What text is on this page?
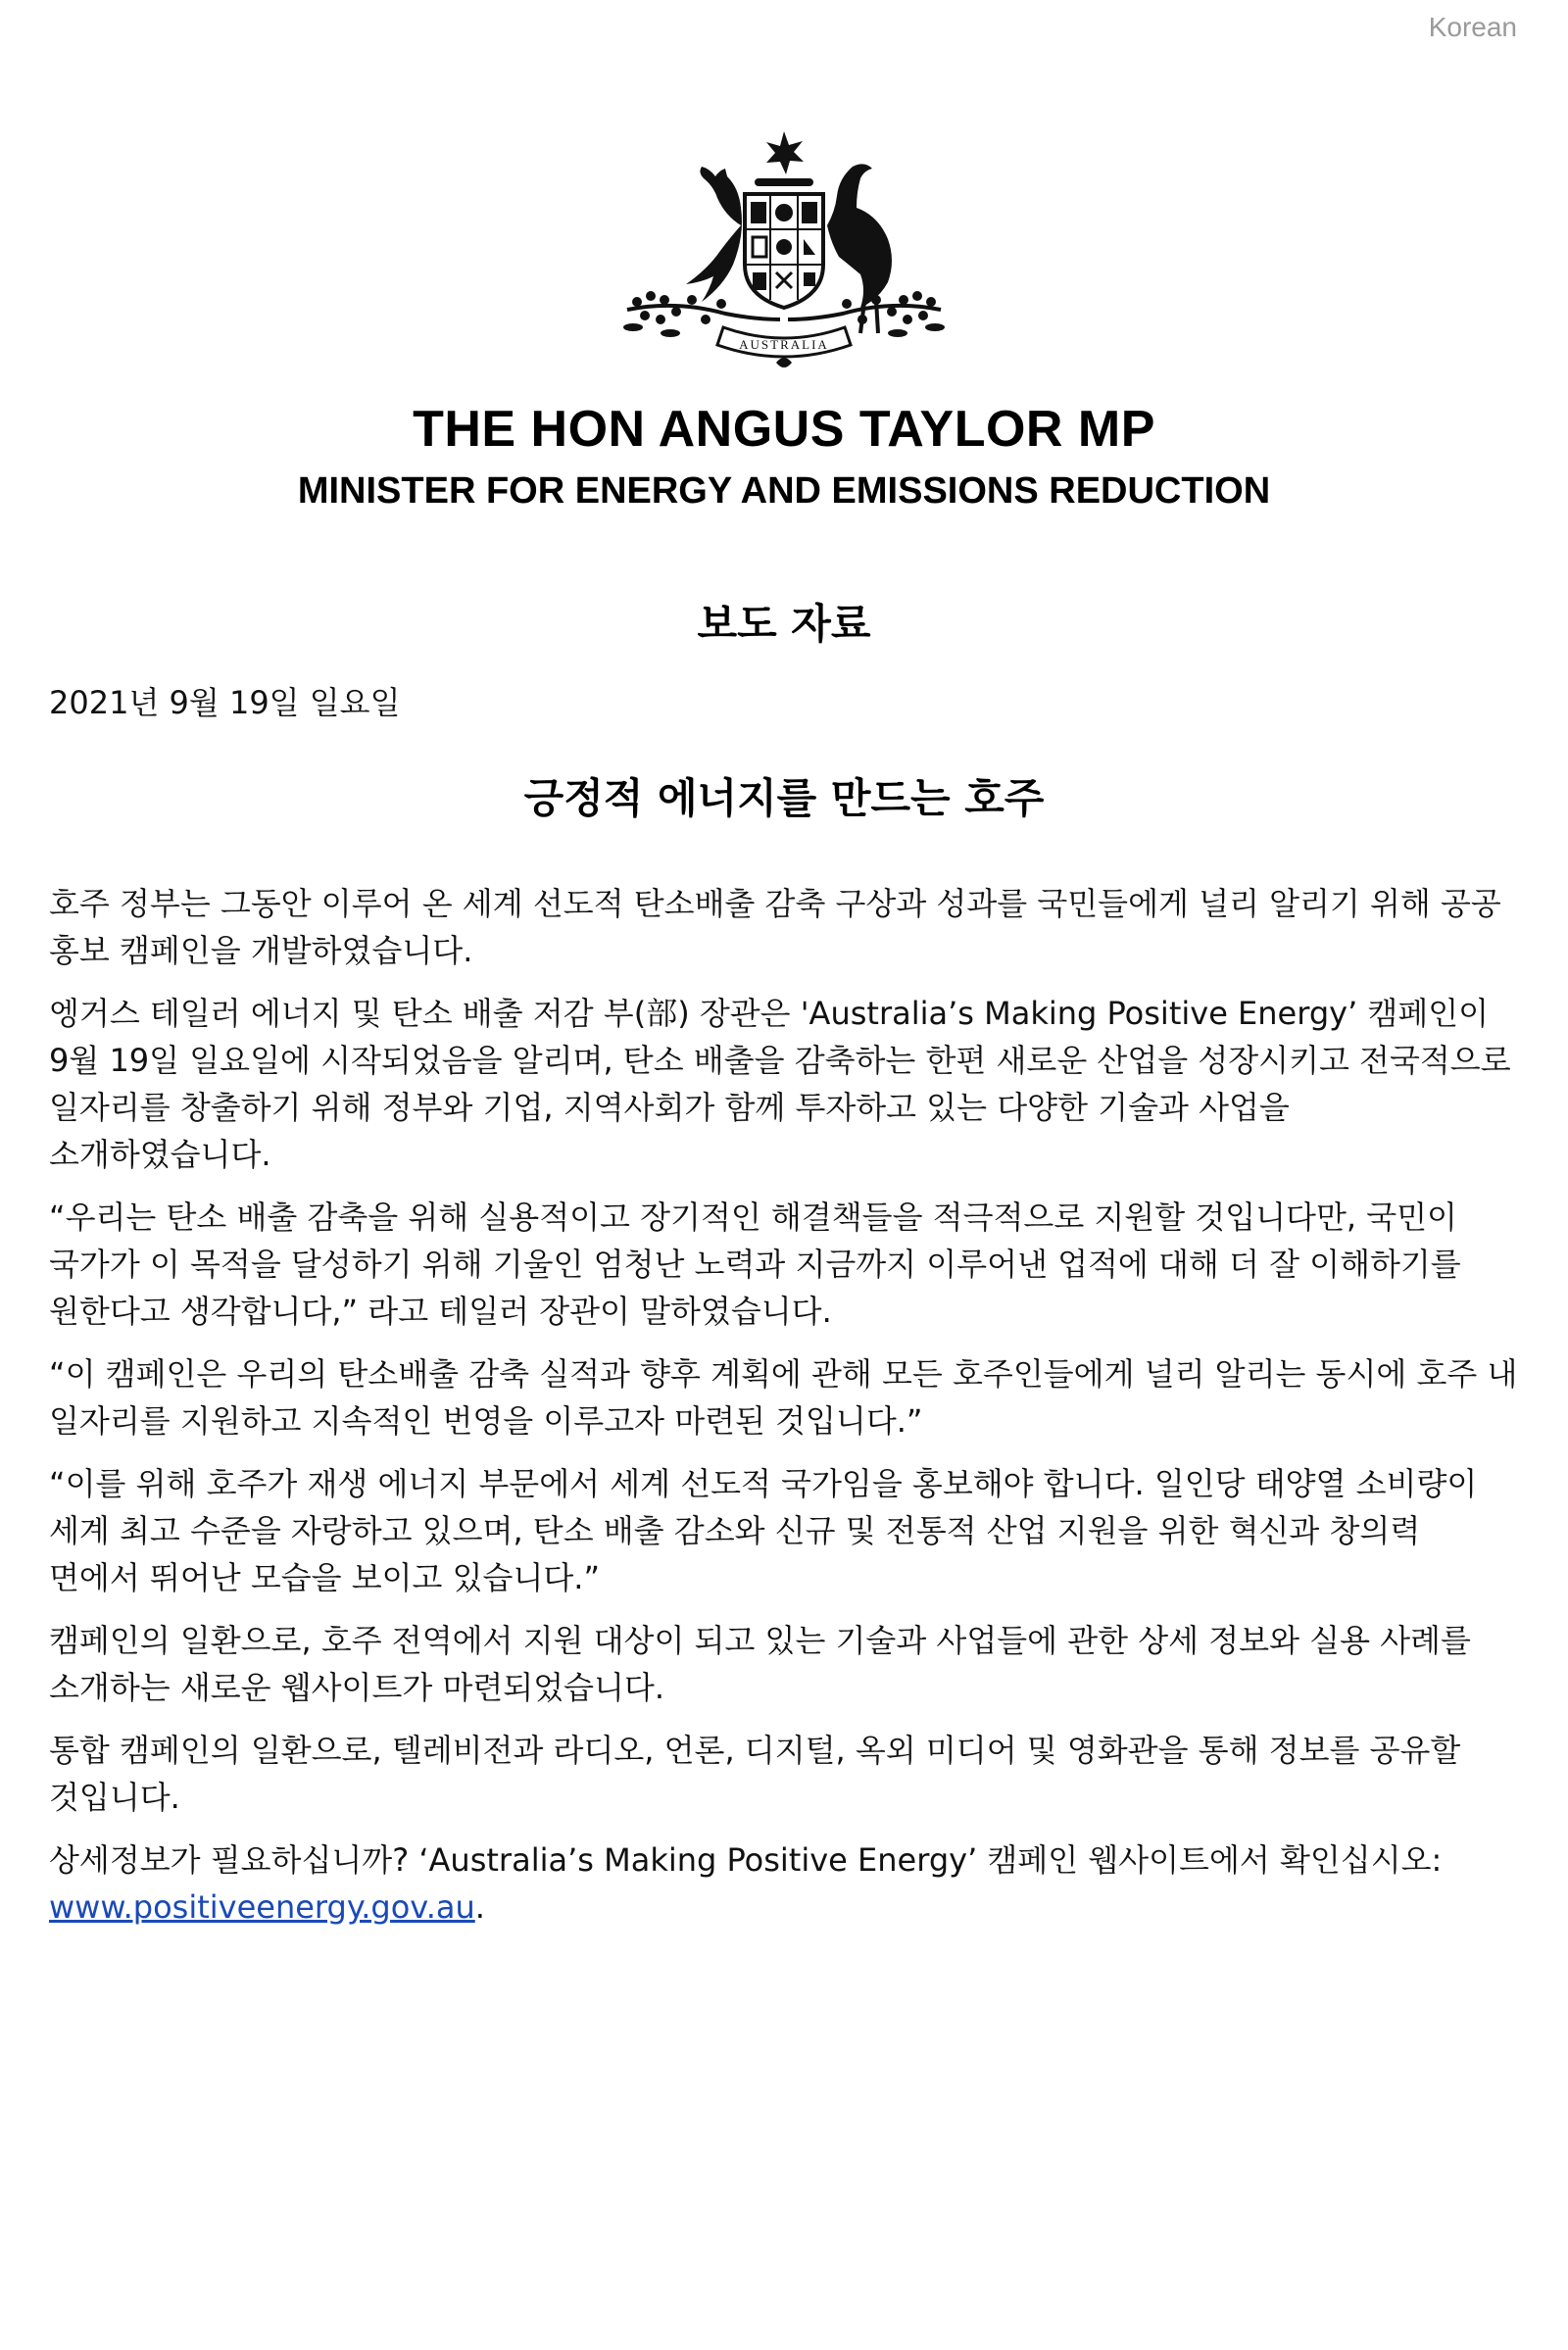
Korean
AUSTRALIA
THE HON ANGUS TAYLOR MP
MINISTER FOR ENERGY AND EMISSIONS REDUCTION
보도 자료
2021년 9월 19일 일요일
긍정적 에너지를 만드는 호주

호주 정부는 그동안 이루어 온 세계 선도적 탄소배출 감축 구상과 성과를 국민들에게 널리 알리기 위해 공공 홍보 캠페인을 개발하였습니다.

엥거스 테일러 에너지 및 탄소 배출 저감 부(部) 장관은 'Australia’s Making Positive Energy’ 캠페인이 9월 19일 일요일에 시작되었음을 알리며, 탄소 배출을 감축하는 한편 새로운 산업을 성장시키고 전국적으로 일자리를 창출하기 위해 정부와 기업, 지역사회가 함께 투자하고 있는 다양한 기술과 사업을 소개하였습니다.

“우리는 탄소 배출 감축을 위해 실용적이고 장기적인 해결책들을 적극적으로 지원할 것입니다만, 국민이 국가가 이 목적을 달성하기 위해 기울인 엄청난 노력과 지금까지 이루어낸 업적에 대해 더 잘 이해하기를 원한다고 생각합니다,” 라고 테일러 장관이 말하였습니다.

“이 캠페인은 우리의 탄소배출 감축 실적과 향후 계획에 관해 모든 호주인들에게 널리 알리는 동시에 호주 내 일자리를 지원하고 지속적인 번영을 이루고자 마련된 것입니다.”

“이를 위해 호주가 재생 에너지 부문에서 세계 선도적 국가임을 홍보해야 합니다. 일인당 태양열 소비량이 세계 최고 수준을 자랑하고 있으며, 탄소 배출 감소와 신규 및 전통적 산업 지원을 위한 혁신과 창의력 면에서 뛰어난 모습을 보이고 있습니다.”

캠페인의 일환으로, 호주 전역에서 지원 대상이 되고 있는 기술과 사업들에 관한 상세 정보와 실용 사례를 소개하는 새로운 웹사이트가 마련되었습니다.

통합 캠페인의 일환으로, 텔레비전과 라디오, 언론, 디지털, 옥외 미디어 및 영화관을 통해 정보를 공유할 것입니다.

상세정보가 필요하십니까? ‘Australia’s Making Positive Energy’ 캠페인 웹사이트에서 확인십시오: www.positiveenergy.gov.au.
